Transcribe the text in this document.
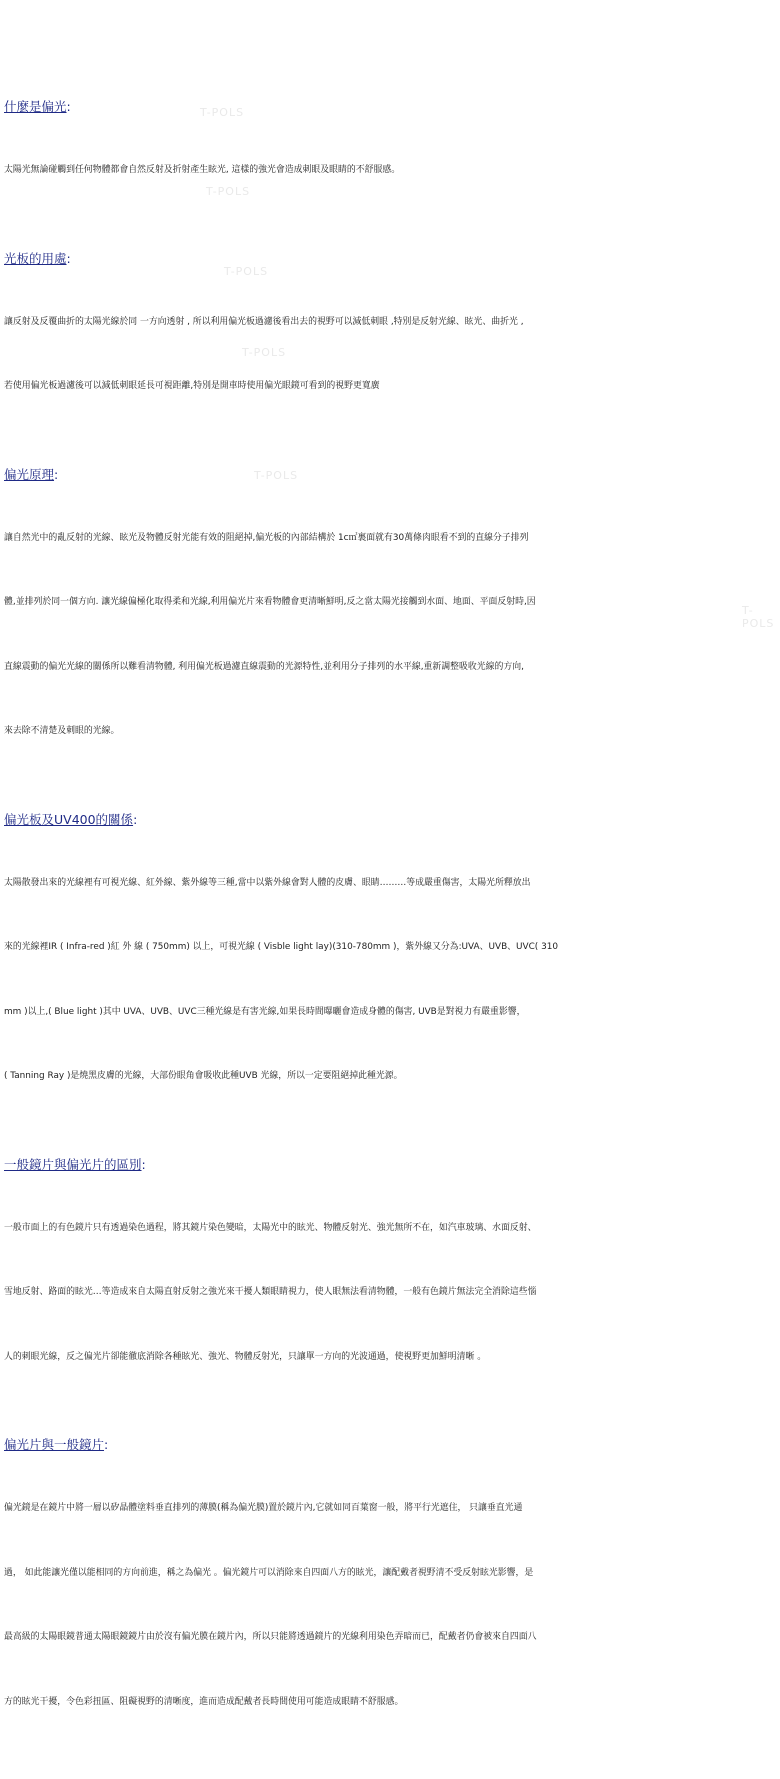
T-POLS
T-POLS
T-POLS
T-POLS
T-POLS
T-POLS
什麼是偏光:

太陽光無論碰觸到任何物體都會自然反射及折射產生眩光, 這樣的強光會造成刺眼及眼睛的不舒服感。

光板的用處:

讓反射及反覆曲折的太陽光線於同 一方向透射 , 所以利用偏光板過濾後看出去的視野可以減低刺眼 ,特別是反射光線、眩光、曲折光 ,

若使用偏光板過濾後可以減低刺眼延長可視距離,特別是開車時使用偏光眼鏡可看到的視野更寬廣

偏光原理:

讓自然光中的亂反射的光線、眩光及物體反射光能有效的阻絕掉,偏光板的內部結構於 1c㎡裏面就有30萬條肉眼看不到的直線分子排列

體,並排列於同一個方向. 讓光線偏極化取得柔和光線,利用偏光片來看物體會更清晰鮮明,反之當太陽光接觸到水面、地面、平面反射時,因

直線震動的偏光光線的關係所以難看清物體, 利用偏光板過濾直線震動的光源特性,並利用分子排列的水平線,重新調整吸收光線的方向,

來去除不清楚及刺眼的光線。

偏光板及UV400的關係:

太陽散發出來的光線裡有可視光線、紅外線、紫外線等三種,當中以紫外線會對人體的皮膚、眼睛………等成嚴重傷害，太陽光所釋放出

來的光線裡IR ( Infra-red )紅 外 線 ( 750mm) 以上，可視光線 ( Visble light lay)(310-780mm )，紫外線又分為:UVA、UVB、UVC( 310

mm )以上,( Blue light )其中 UVA、UVB、UVC三種光線是有害光線,如果長時間曝曬會造成身體的傷害, UVB是對視力有嚴重影響，

( Tanning Ray )是燒黑皮膚的光線，大部份眼角會吸收此種UVB 光線，所以一定要阻絕掉此種光源。

一般鏡片與偏光片的區別:

一般市面上的有色鏡片只有透過染色過程，將其鏡片染色變暗，太陽光中的眩光、物體反射光、強光無所不在，如汽車玻璃、水面反射、

雪地反射、路面的眩光…等造成來自太陽直射反射之強光來干擾人類眼睛視力，使人眼無法看清物體，一般有色鏡片無法完全消除這些惱

人的刺眼光線，反之偏光片卻能徹底消除各種眩光、強光、物體反射光，只讓單一方向的光波通過，使視野更加鮮明清晰 。

偏光片與一般鏡片:

偏光鏡是在鏡片中將一層以矽晶體塗料垂直排列的薄膜(稱為偏光膜)置於鏡片內,它就如同百葉窗一般，將平行光遮住， 只讓垂直光通

過， 如此能讓光僅以能相同的方向前進，稱之為偏光 。偏光鏡片可以消除來自四面八方的眩光，讓配戴者視野清不受反射眩光影響，是

最高級的太陽眼鏡普通太陽眼鏡鏡片由於沒有偏光膜在鏡片內，所以只能將透過鏡片的光線利用染色弄暗而已，配戴者仍會被來自四面八

方的眩光干擾，令色彩扭區、阻礙視野的清晰度，進而造成配戴者長時間使用可能造成眼睛不舒服感。
